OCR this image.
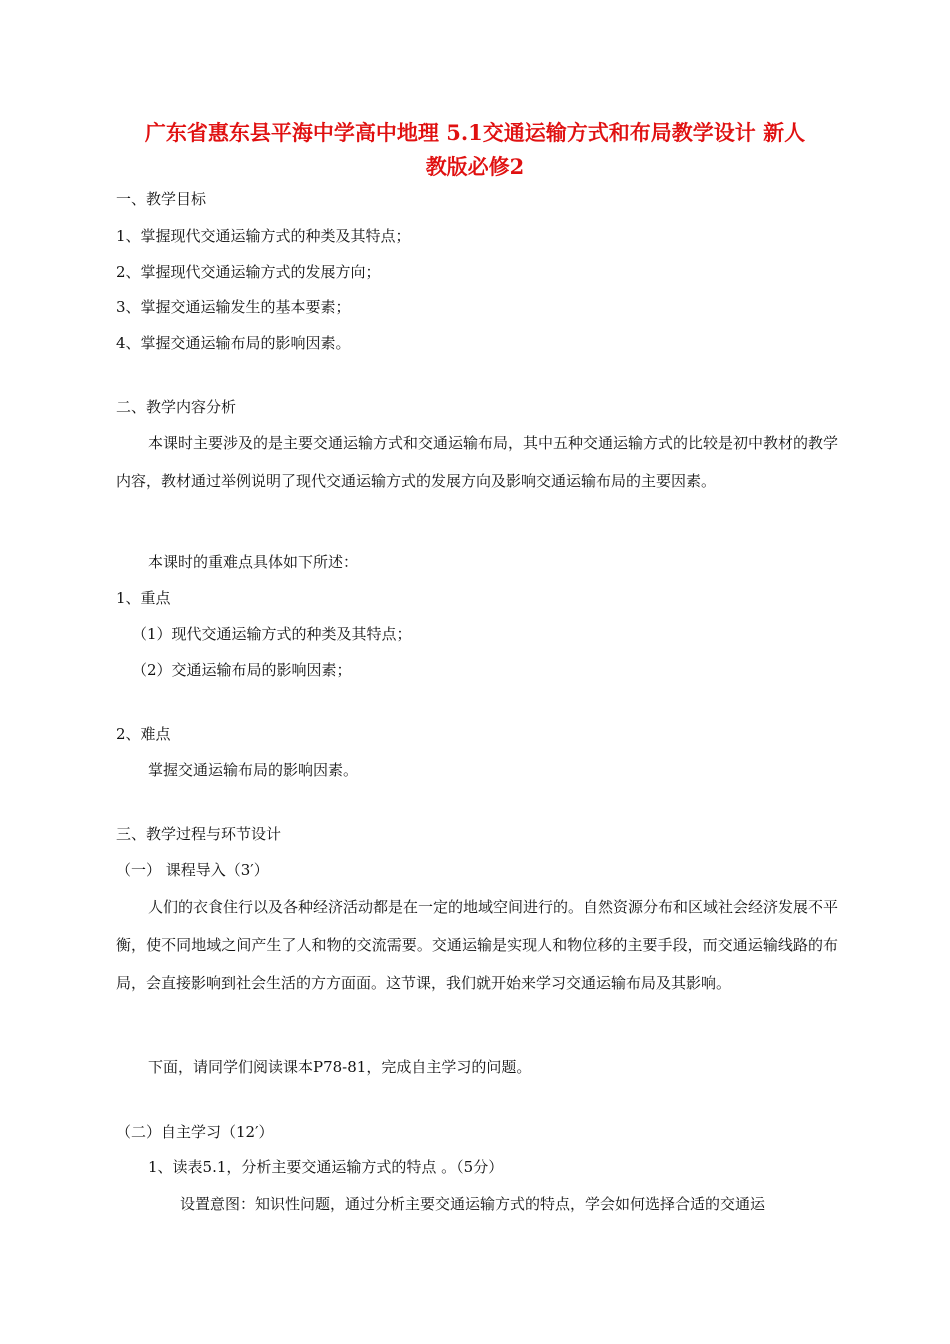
广东省惠东县平海中学高中地理 5.1交通运输方式和布局教学设计 新人
教版必修2
一、教学目标
1、掌握现代交通运输方式的种类及其特点；
2、掌握现代交通运输方式的发展方向；
3、掌握交通运输发生的基本要素；
4、掌握交通运输布局的影响因素。
二、教学内容分析
本课时主要涉及的是主要交通运输方式和交通运输布局，其中五种交通运输方式的比较是初中教材的教学内容，教材通过举例说明了现代交通运输方式的发展方向及影响交通运输布局的主要因素。
本课时的重难点具体如下所述：
1、重点
（1）现代交通运输方式的种类及其特点；
（2）交通运输布局的影响因素；
2、难点
掌握交通运输布局的影响因素。
三、教学过程与环节设计
（一） 课程导入（3′）
人们的衣食住行以及各种经济活动都是在一定的地域空间进行的。自然资源分布和区域社会经济发展不平衡，使不同地域之间产生了人和物的交流需要。交通运输是实现人和物位移的主要手段，而交通运输线路的布局，会直接影响到社会生活的方方面面。这节课，我们就开始来学习交通运输布局及其影响。
下面，请同学们阅读课本P78-81，完成自主学习的问题。
（二）自主学习（12′）
1、读表5.1，分析主要交通运输方式的特点 。（5分）
设置意图：知识性问题，通过分析主要交通运输方式的特点，学会如何选择合适的交通运
